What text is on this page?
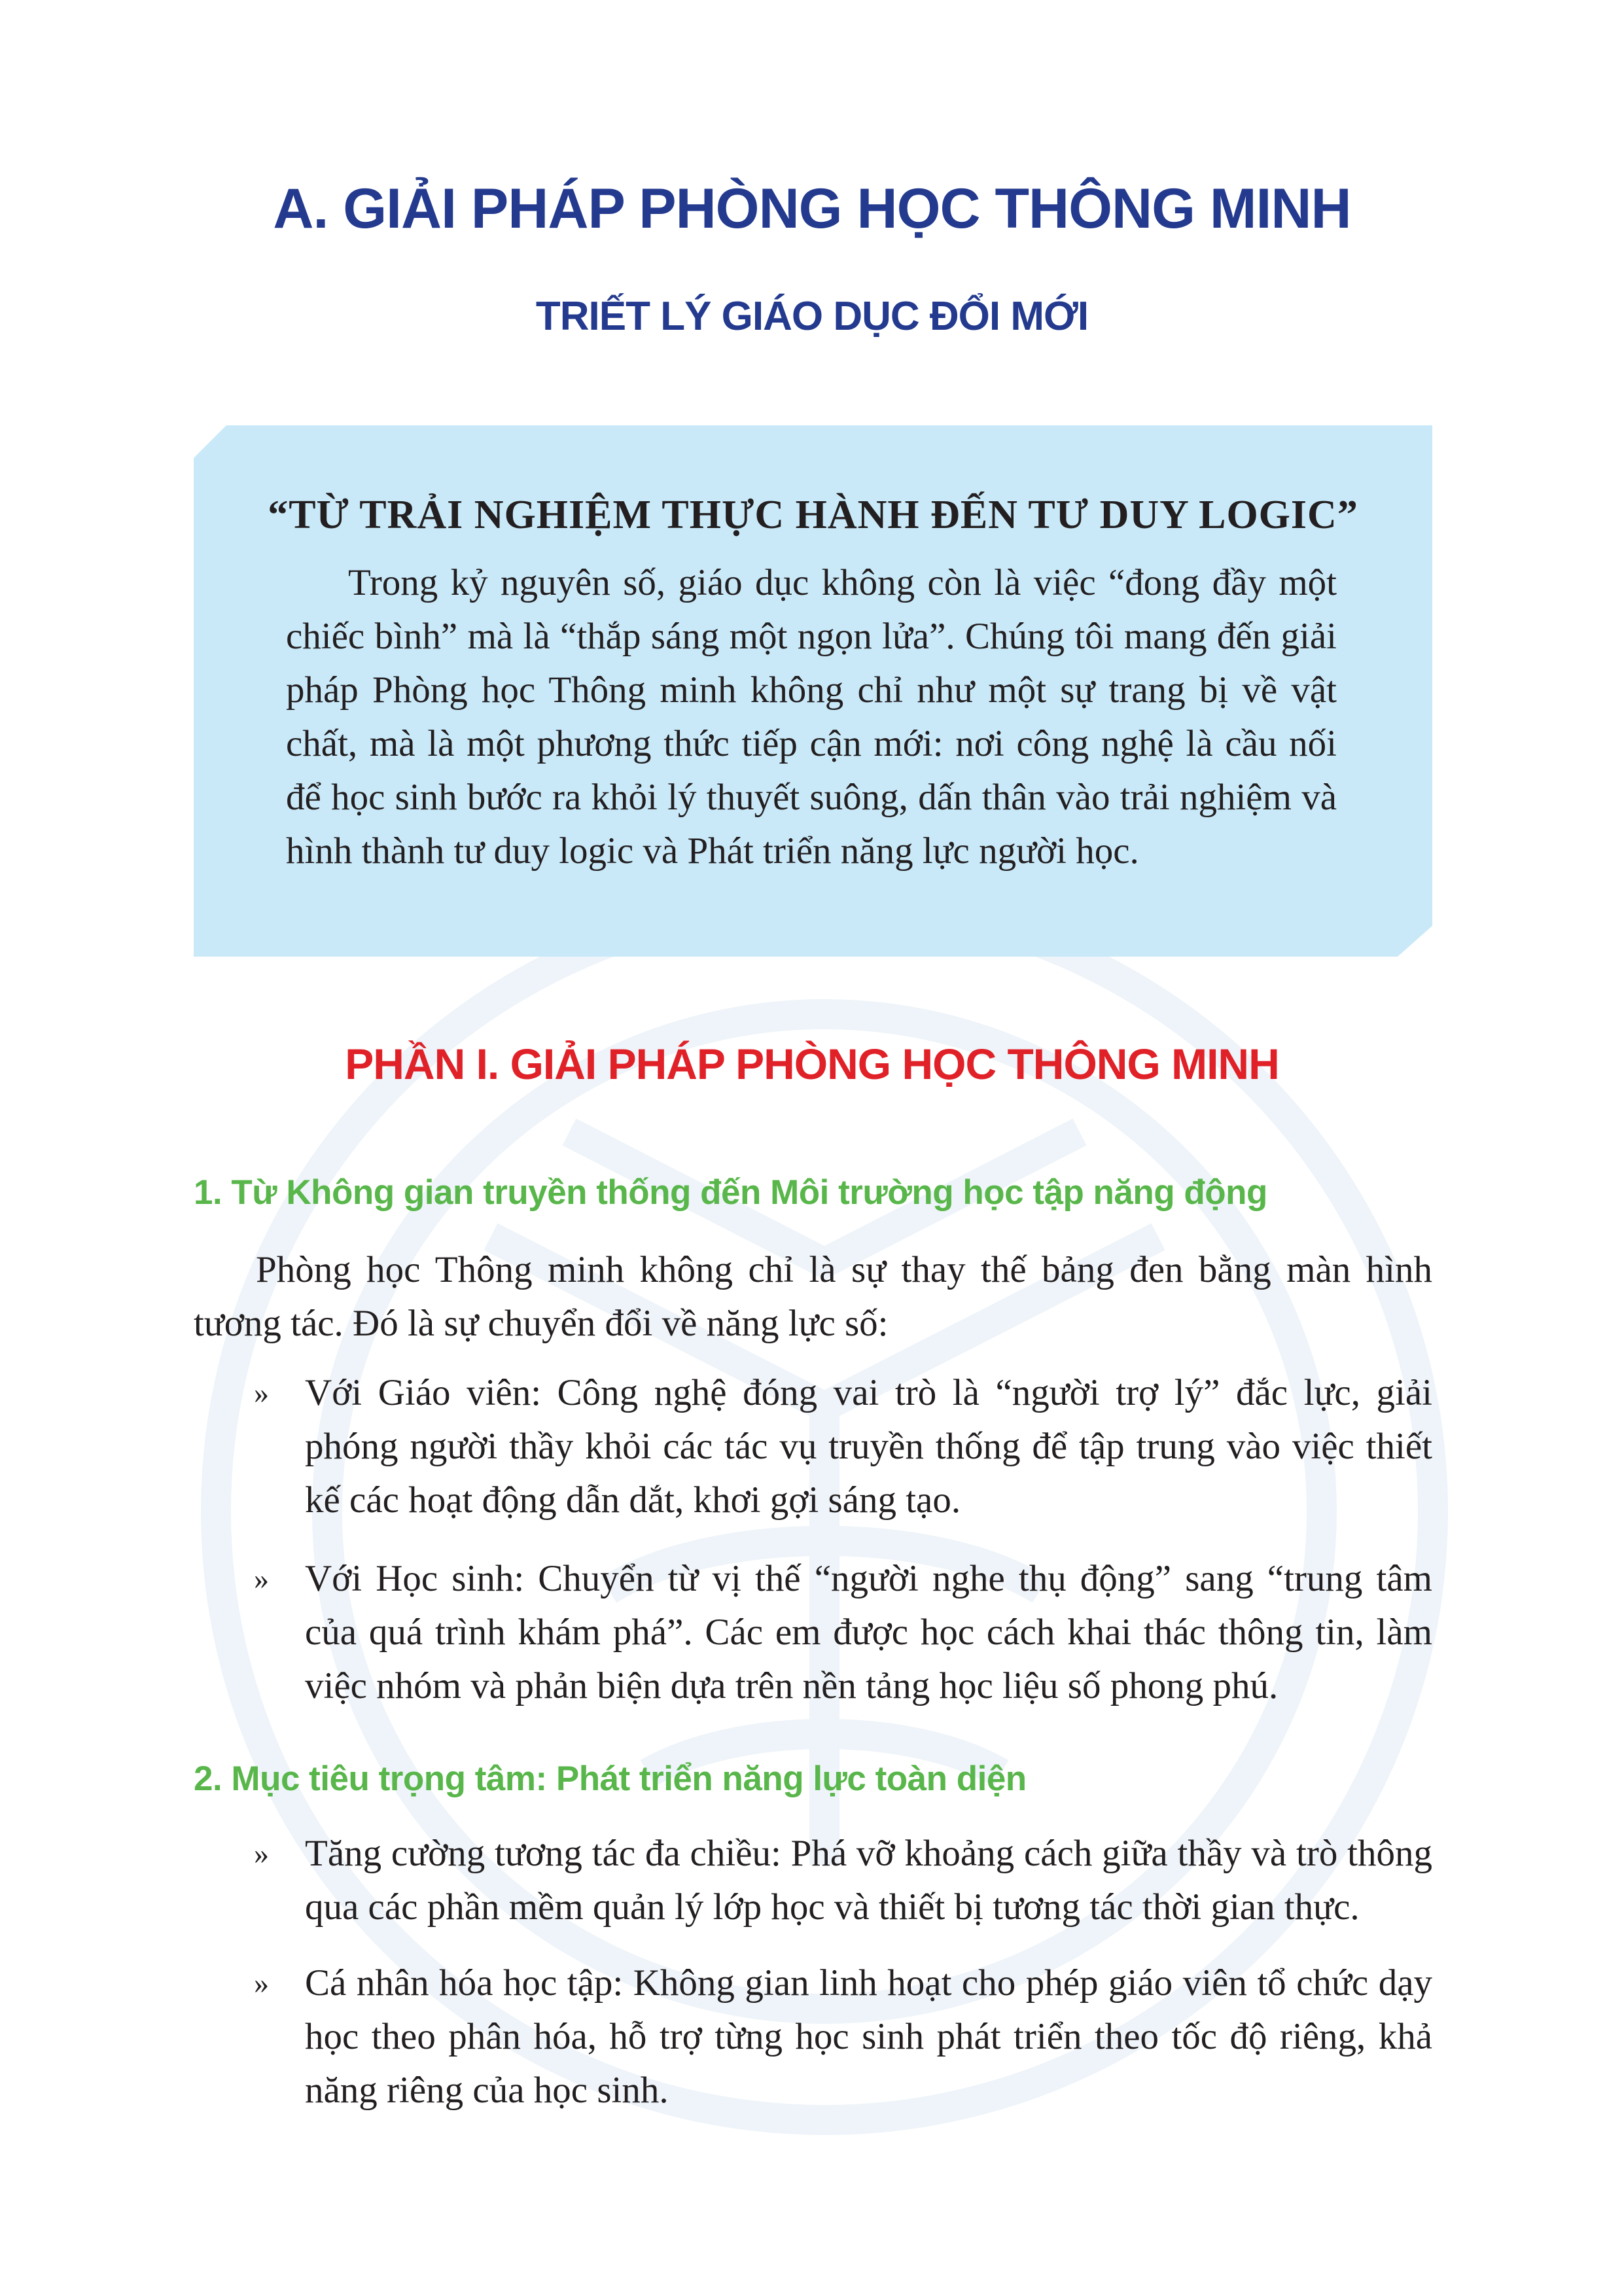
A. GIẢI PHÁP PHÒNG HỌC THÔNG MINH
TRIẾT LÝ GIÁO DỤC ĐỔI MỚI
“TỪ TRẢI NGHIỆM THỰC HÀNH ĐẾN TƯ DUY LOGIC”
Trong kỷ nguyên số, giáo dục không còn là việc “đong đầy một chiếc bình” mà là “thắp sáng một ngọn lửa”. Chúng tôi mang đến giải pháp Phòng học Thông minh không chỉ như một sự trang bị về vật chất, mà là một phương thức tiếp cận mới: nơi công nghệ là cầu nối để học sinh bước ra khỏi lý thuyết suông, dấn thân vào trải nghiệm và hình thành tư duy logic và Phát triển năng lực người học.
PHẦN I. GIẢI PHÁP PHÒNG HỌC THÔNG MINH
1. Từ Không gian truyền thống đến Môi trường học tập năng động
Phòng học Thông minh không chỉ là sự thay thế bảng đen bằng màn hình tương tác. Đó là sự chuyển đổi về năng lực số:
» Với Giáo viên: Công nghệ đóng vai trò là “người trợ lý” đắc lực, giải phóng người thầy khỏi các tác vụ truyền thống để tập trung vào việc thiết kế các hoạt động dẫn dắt, khơi gợi sáng tạo.
» Với Học sinh: Chuyển từ vị thế “người nghe thụ động” sang “trung tâm của quá trình khám phá”. Các em được học cách khai thác thông tin, làm việc nhóm và phản biện dựa trên nền tảng học liệu số phong phú.
2. Mục tiêu trọng tâm: Phát triển năng lực toàn diện
» Tăng cường tương tác đa chiều: Phá vỡ khoảng cách giữa thầy và trò thông qua các phần mềm quản lý lớp học và thiết bị tương tác thời gian thực.
» Cá nhân hóa học tập: Không gian linh hoạt cho phép giáo viên tổ chức dạy học theo phân hóa, hỗ trợ từng học sinh phát triển theo tốc độ riêng, khả năng riêng của học sinh.
